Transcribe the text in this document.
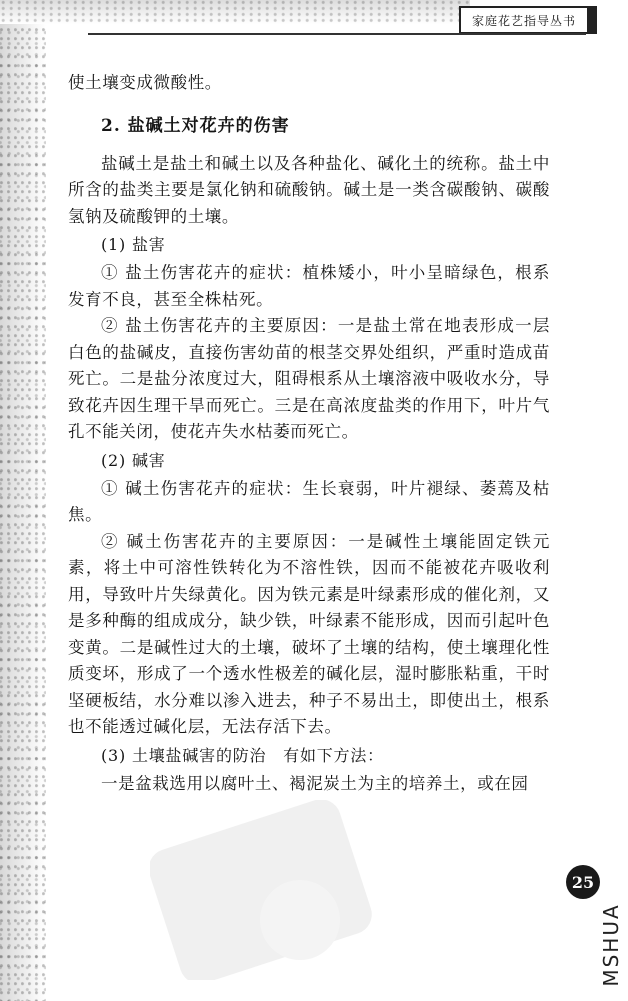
家庭花艺指导丛书

使土壤变成微酸性。

2. 盐碱土对花卉的伤害

盐碱土是盐土和碱土以及各种盐化、碱化土的统称。盐土中所含的盐类主要是氯化钠和硫酸钠。碱土是一类含碳酸钠、碳酸氢钠及硫酸钾的土壤。

(1) 盐害

① 盐土伤害花卉的症状：植株矮小，叶小呈暗绿色，根系发育不良，甚至全株枯死。

② 盐土伤害花卉的主要原因：一是盐土常在地表形成一层白色的盐碱皮，直接伤害幼苗的根茎交界处组织，严重时造成苗死亡。二是盐分浓度过大，阻碍根系从土壤溶液中吸收水分，导致花卉因生理干旱而死亡。三是在高浓度盐类的作用下，叶片气孔不能关闭，使花卉失水枯萎而死亡。

(2) 碱害

① 碱土伤害花卉的症状：生长衰弱，叶片褪绿、萎蔫及枯焦。

② 碱土伤害花卉的主要原因：一是碱性土壤能固定铁元素，将土中可溶性铁转化为不溶性铁，因而不能被花卉吸收利用，导致叶片失绿黄化。因为铁元素是叶绿素形成的催化剂，又是多种酶的组成成分，缺少铁，叶绿素不能形成，因而引起叶色变黄。二是碱性过大的土壤，破坏了土壤的结构，使土壤理化性质变坏，形成了一个透水性极差的碱化层，湿时膨胀粘重，干时坚硬板结，水分难以渗入进去，种子不易出土，即使出土，根系也不能透过碱化层，无法存活下去。

(3) 土壤盐碱害的防治　有如下方法：

一是盆栽选用以腐叶土、褐泥炭土为主的培养土，或在园

25
MSHUA
